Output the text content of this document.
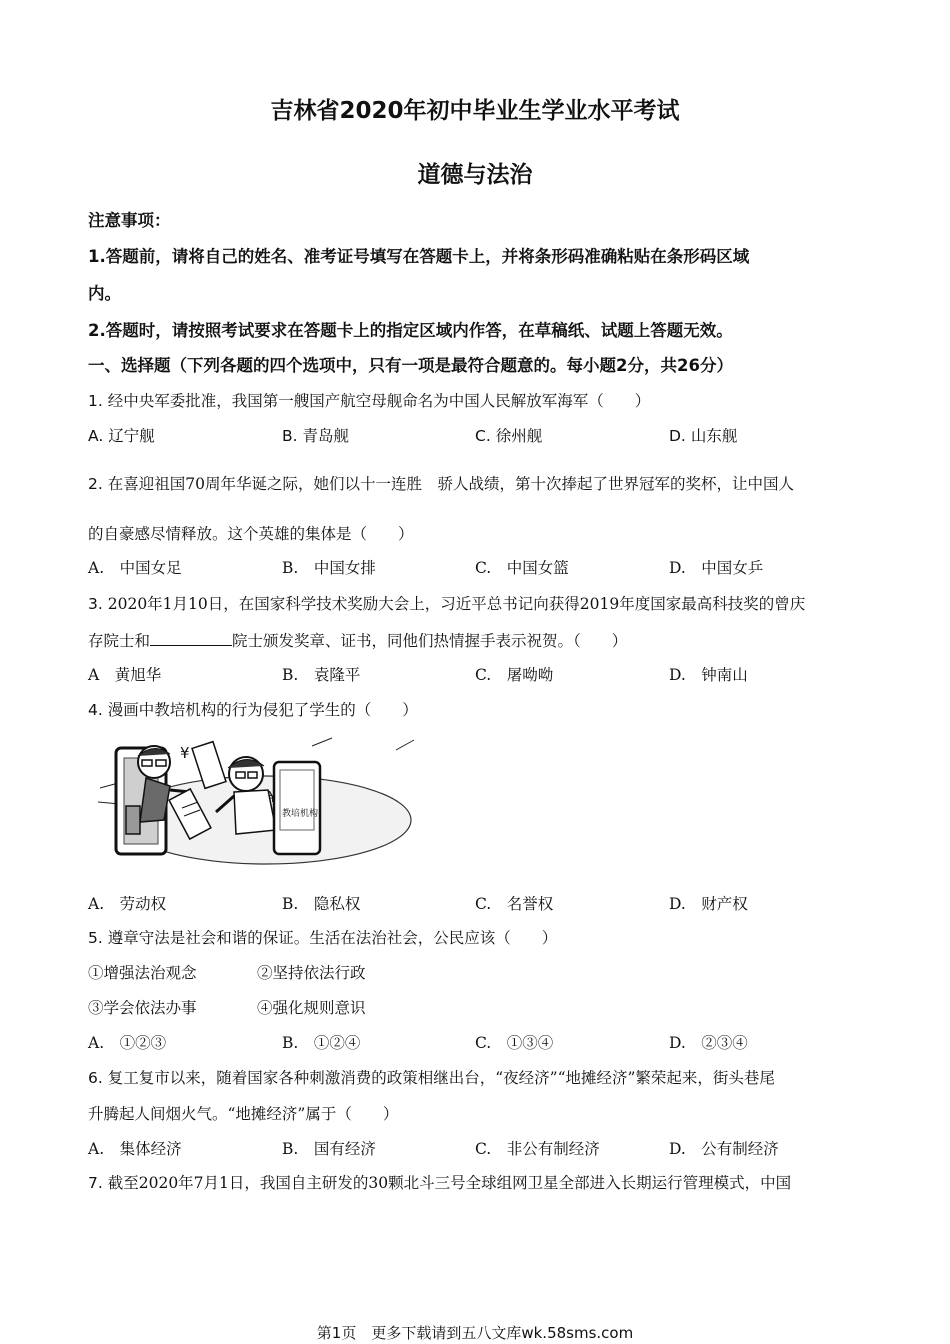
吉林省2020年初中毕业生学业水平考试
道德与法治
注意事项：
1.答题前，请将自己的姓名、准考证号填写在答题卡上，并将条形码准确粘贴在条形码区域
内。
2.答题时，请按照考试要求在答题卡上的指定区域内作答，在草稿纸、试题上答题无效。
一、选择题（下列各题的四个选项中，只有一项是最符合题意的。每小题2分，共26分）
1. 经中央军委批准，我国第一艘国产航空母舰命名为中国人民解放军海军（　　）
A. 辽宁舰	B. 青岛舰	C. 徐州舰	D. 山东舰
2. 在喜迎祖国70周年华诞之际，她们以十一连胜　骄人战绩，第十次捧起了世界冠军的奖杯，让中国人
的自豪感尽情释放。这个英雄的集体是（　　）
A.　中国女足	B.　中国女排	C.　中国女篮	D.　中国女乒
3. 2020年1月10日，在国家科学技术奖励大会上，习近平总书记向获得2019年度国家最高科技奖的曾庆
存院士和	院士颁发奖章、证书，同他们热情握手表示祝贺。（　　）
A　黄旭华	B.　袁隆平	C.　屠呦呦	D.　钟南山
4. 漫画中教培机构的行为侵犯了学生的（　　）
¥
教培机构
A.　劳动权	B.　隐私权	C.　名誉权	D.　财产权
5. 遵章守法是社会和谐的保证。生活在法治社会，公民应该（　　）
①增强法治观念	②坚持依法行政
③学会依法办事	④强化规则意识
A.　①②③	B.　①②④	C.　①③④	D.　②③④
6. 复工复市以来，随着国家各种刺激消费的政策相继出台，“夜经济”“地摊经济”繁荣起来，街头巷尾
升腾起人间烟火气。“地摊经济”属于（　　）
A.　集体经济	B.　国有经济	C.　非公有制经济	D.　公有制经济
7. 截至2020年7月1日，我国自主研发的30颗北斗三号全球组网卫星全部进入长期运行管理模式，中国
第1页　更多下载请到五八文库wk.58sms.com
